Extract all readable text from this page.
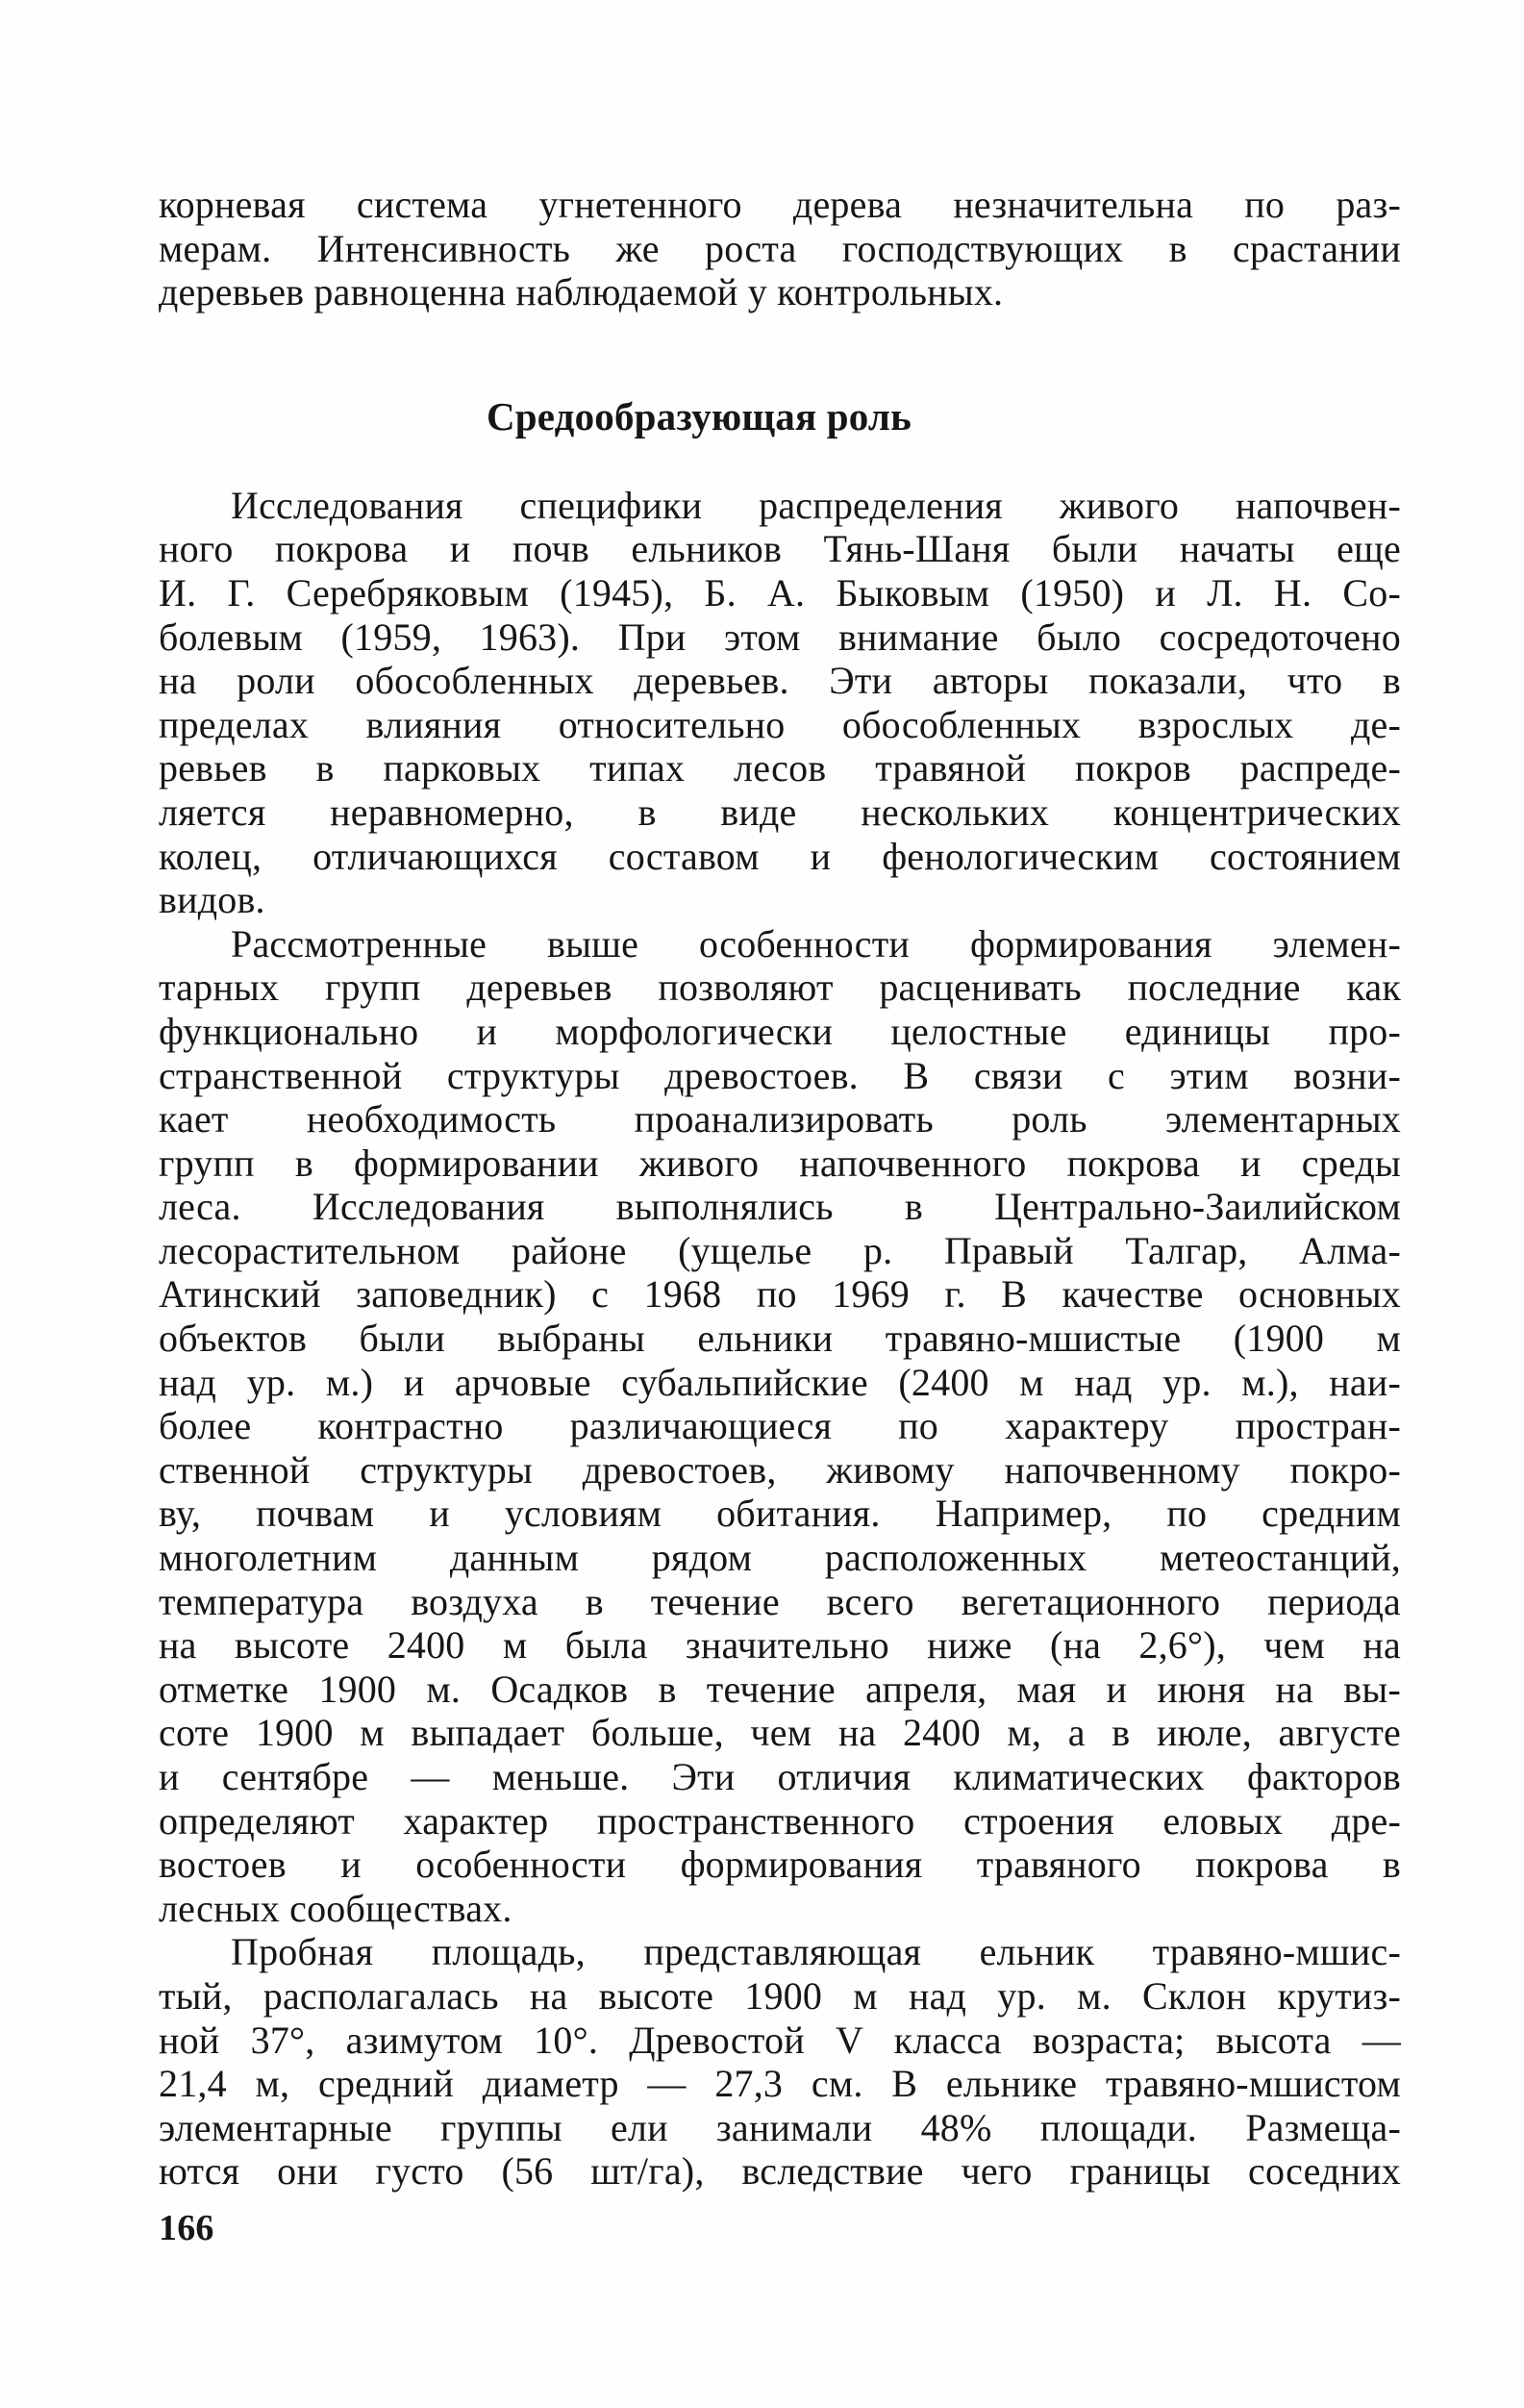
корневая система угнетенного дерева незначительна по раз-
мерам. Интенсивность же роста господствующих в срастании
деревьев равноценна наблюдаемой у контрольных.
Средообразующая роль
Исследования специфики распределения живого напочвен-
ного покрова и почв ельников Тянь-Шаня были начаты еще
И. Г. Серебряковым (1945), Б. А. Быковым (1950) и Л. Н. Со-
болевым (1959, 1963). При этом внимание было сосредоточено
на роли обособленных деревьев. Эти авторы показали, что в
пределах влияния относительно обособленных взрослых де-
ревьев в парковых типах лесов травяной покров распреде-
ляется неравномерно, в виде нескольких концентрических
колец, отличающихся составом и фенологическим состоянием
видов.
Рассмотренные выше особенности формирования элемен-
тарных групп деревьев позволяют расценивать последние как
функционально и морфологически целостные единицы про-
странственной структуры древостоев. В связи с этим возни-
кает необходимость проанализировать роль элементарных
групп в формировании живого напочвенного покрова и среды
леса. Исследования выполнялись в Центрально-Заилийском
лесорастительном районе (ущелье р. Правый Талгар, Алма-
Атинский заповедник) с 1968 по 1969 г. В качестве основных
объектов были выбраны ельники травяно-мшистые (1900 м
над ур. м.) и арчовые субальпийские (2400 м над ур. м.), наи-
более контрастно различающиеся по характеру простран-
ственной структуры древостоев, живому напочвенному покро-
ву, почвам и условиям обитания. Например, по средним
многолетним данным рядом расположенных метеостанций,
температура воздуха в течение всего вегетационного периода
на высоте 2400 м была значительно ниже (на 2,6°), чем на
отметке 1900 м. Осадков в течение апреля, мая и июня на вы-
соте 1900 м выпадает больше, чем на 2400 м, а в июле, августе
и сентябре — меньше. Эти отличия климатических факторов
определяют характер пространственного строения еловых дре-
востоев и особенности формирования травяного покрова в
лесных сообществах.
Пробная площадь, представляющая ельник травяно-мшис-
тый, располагалась на высоте 1900 м над ур. м. Склон крутиз-
ной 37°, азимутом 10°. Древостой V класса возраста; высота —
21,4 м, средний диаметр — 27,3 см. В ельнике травяно-мшистом
элементарные группы ели занимали 48% площади. Размеща-
ются они густо (56 шт/га), вследствие чего границы соседних
166
